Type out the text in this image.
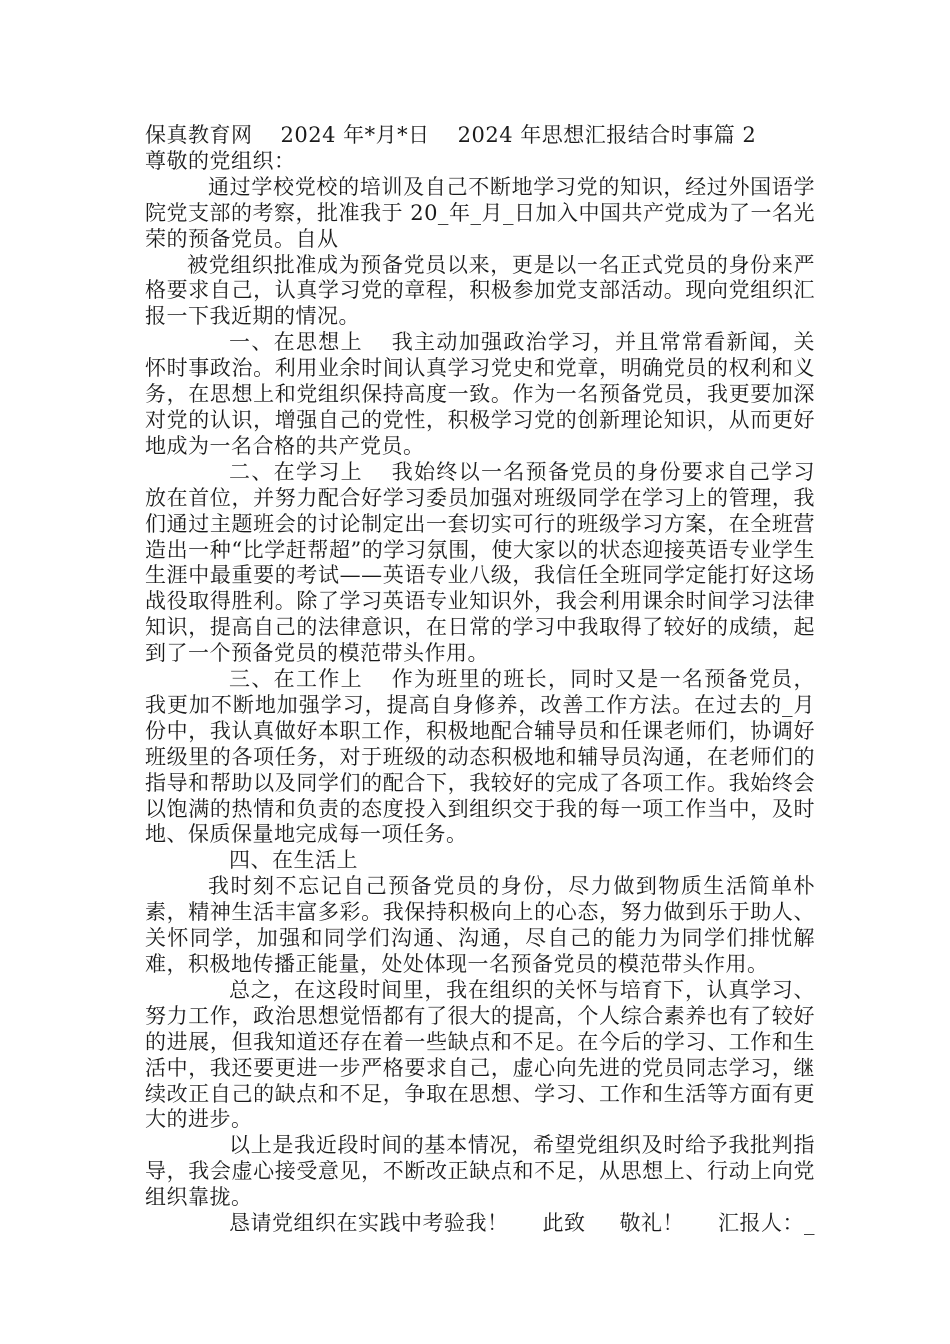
保真教育网 2024 年*月*日 2024 年思想汇报结合时事篇 2

尊敬的党组织：

通过学校党校的培训及自己不断地学习党的知识，经过外国语学院党支部的考察，批准我于 20_年_月_日加入中国共产党成为了一名光荣的预备党员。自从

被党组织批准成为预备党员以来，更是以一名正式党员的身份来严格要求自己，认真学习党的章程，积极参加党支部活动。现向党组织汇报一下我近期的情况。

一、在思想上 我主动加强政治学习，并且常常看新闻，关怀时事政治。利用业余时间认真学习党史和党章，明确党员的权利和义务，在思想上和党组织保持高度一致。作为一名预备党员，我更要加深对党的认识，增强自己的党性，积极学习党的创新理论知识，从而更好地成为一名合格的共产党员。

二、在学习上 我始终以一名预备党员的身份要求自己学习放在首位，并努力配合好学习委员加强对班级同学在学习上的管理，我们通过主题班会的讨论制定出一套切实可行的班级学习方案，在全班营造出一种“比学赶帮超”的学习氛围，使大家以的状态迎接英语专业学生生涯中最重要的考试——英语专业八级，我信任全班同学定能打好这场战役取得胜利。除了学习英语专业知识外，我会利用课余时间学习法律知识，提高自己的法律意识，在日常的学习中我取得了较好的成绩，起到了一个预备党员的模范带头作用。

三、在工作上 作为班里的班长，同时又是一名预备党员，我更加不断地加强学习，提高自身修养，改善工作方法。在过去的_月份中，我认真做好本职工作，积极地配合辅导员和任课老师们，协调好班级里的各项任务，对于班级的动态积极地和辅导员沟通，在老师们的指导和帮助以及同学们的配合下，我较好的完成了各项工作。我始终会以饱满的热情和负责的态度投入到组织交于我的每一项工作当中，及时地、保质保量地完成每一项任务。

四、在生活上

我时刻不忘记自己预备党员的身份，尽力做到物质生活简单朴素，精神生活丰富多彩。我保持积极向上的心态，努力做到乐于助人、关怀同学，加强和同学们沟通、沟通，尽自己的能力为同学们排忧解难，积极地传播正能量，处处体现一名预备党员的模范带头作用。

总之，在这段时间里，我在组织的关怀与培育下，认真学习、努力工作，政治思想觉悟都有了很大的提高，个人综合素养也有了较好的进展，但我知道还存在着一些缺点和不足。在今后的学习、工作和生活中，我还要更进一步严格要求自己，虚心向先进的党员同志学习，继续改正自己的缺点和不足，争取在思想、学习、工作和生活等方面有更大的进步。

以上是我近段时间的基本情况，希望党组织及时给予我批判指导，我会虚心接受意见，不断改正缺点和不足，从思想上、行动上向党组织靠拢。

恳请党组织在实践中考验我！ 此致 敬礼！ 汇报人：_
